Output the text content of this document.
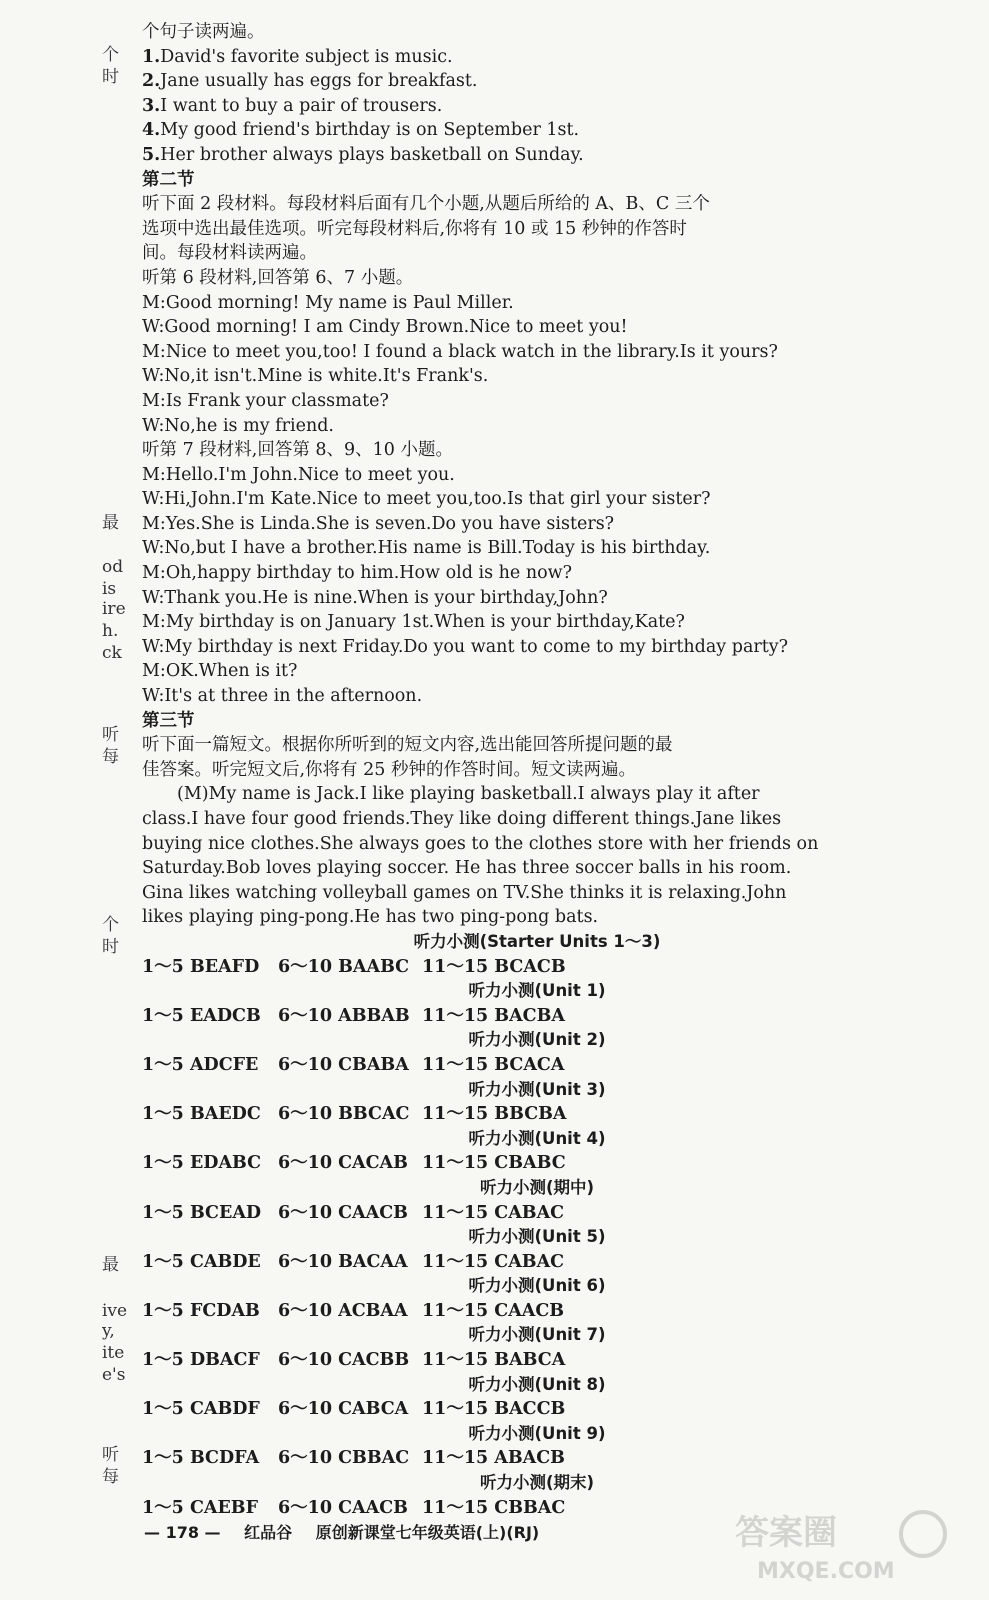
个
时
最
od
is
ire
h.
ck
听
每
个
时
最
ive
y,
ite
e's
听
每

个句子读两遍。

1.David's favorite subject is music.

2.Jane usually has eggs for breakfast.

3.I want to buy a pair of trousers.

4.My good friend's birthday is on September 1st.

5.Her brother always plays basketball on Sunday.

第二节

听下面 2 段材料。每段材料后面有几个小题,从题后所给的 A、B、C 三个

选项中选出最佳选项。听完每段材料后,你将有 10 或 15 秒钟的作答时

间。每段材料读两遍。

听第 6 段材料,回答第 6、7 小题。

M:Good morning! My name is Paul Miller.

W:Good morning! I am Cindy Brown.Nice to meet you!

M:Nice to meet you,too! I found a black watch in the library.Is it yours?

W:No,it isn't.Mine is white.It's Frank's.

M:Is Frank your classmate?

W:No,he is my friend.

听第 7 段材料,回答第 8、9、10 小题。

M:Hello.I'm John.Nice to meet you.

W:Hi,John.I'm Kate.Nice to meet you,too.Is that girl your sister?

M:Yes.She is Linda.She is seven.Do you have sisters?

W:No,but I have a brother.His name is Bill.Today is his birthday.

M:Oh,happy birthday to him.How old is he now?

W:Thank you.He is nine.When is your birthday,John?

M:My birthday is on January 1st.When is your birthday,Kate?

W:My birthday is next Friday.Do you want to come to my birthday party?

M:OK.When is it?

W:It's at three in the afternoon.

第三节

听下面一篇短文。根据你所听到的短文内容,选出能回答所提问题的最

佳答案。听完短文后,你将有 25 秒钟的作答时间。短文读两遍。

(M)My name is Jack.I like playing basketball.I always play it after

class.I have four good friends.They like doing different things.Jane likes

buying nice clothes.She always goes to the clothes store with her friends on

Saturday.Bob loves playing soccer. He has three soccer balls in his room.

Gina likes watching volleyball games on TV.She thinks it is relaxing.John

likes playing ping-pong.He has two ping-pong bats.

听力小测(Starter Units 1～3)

1～5 BEAFD 6～10 BAABC 11～15 BCACB

听力小测(Unit 1)

1～5 EADCB 6～10 ABBAB 11～15 BACBA

听力小测(Unit 2)

1～5 ADCFE 6～10 CBABA 11～15 BCACA

听力小测(Unit 3)

1～5 BAEDC 6～10 BBCAC 11～15 BBCBA

听力小测(Unit 4)

1～5 EDABC 6～10 CACAB 11～15 CBABC

听力小测(期中)

1～5 BCEAD 6～10 CAACB 11～15 CABAC

听力小测(Unit 5)

1～5 CABDE 6～10 BACAA 11～15 CABAC

听力小测(Unit 6)

1～5 FCDAB 6～10 ACBAA 11～15 CAACB

听力小测(Unit 7)

1～5 DBACF 6～10 CACBB 11～15 BABCA

听力小测(Unit 8)

1～5 CABDF 6～10 CABCA 11～15 BACCB

听力小测(Unit 9)

1～5 BCDFA 6～10 CBBAC 11～15 ABACB

听力小测(期末)

1～5 CAEBF 6～10 CAACB 11～15 CBBAC

— 178 — 红品谷 原创新课堂七年级英语(上)(RJ)	答案圈
MXQE.COM
